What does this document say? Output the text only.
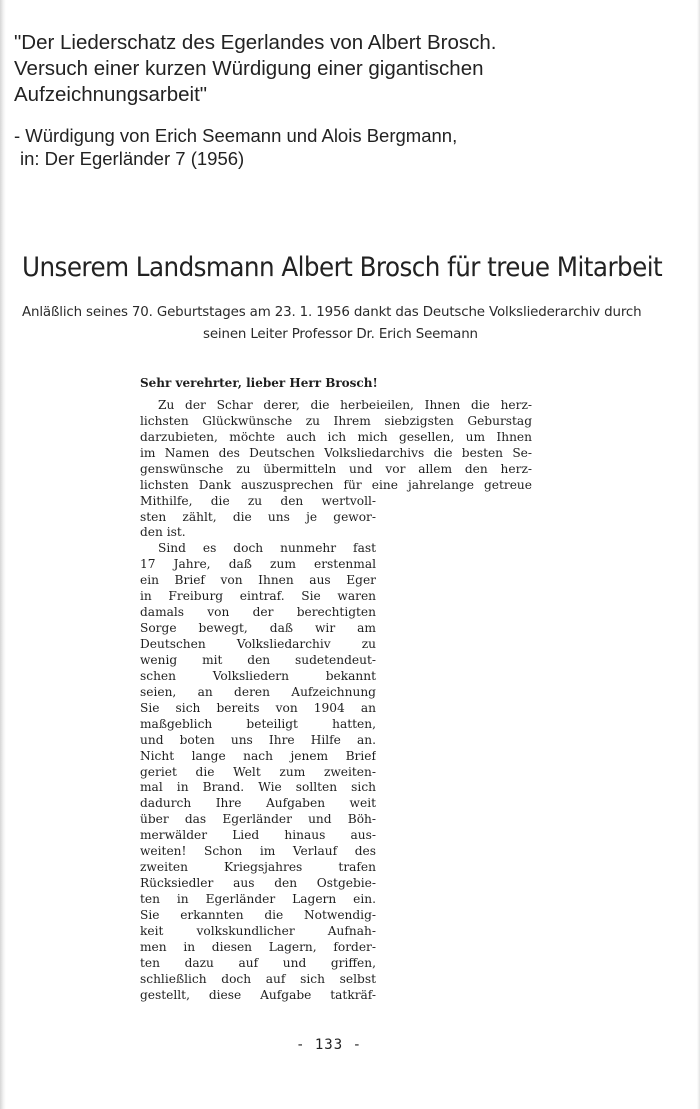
"Der Liederschatz des Egerlandes von Albert Brosch.
Versuch einer kurzen Würdigung einer gigantischen
Aufzeichnungsarbeit"
- Würdigung von Erich Seemann und Alois Bergmann,
in: Der Egerländer 7 (1956)
Unserem Landsmann Albert Brosch für treue Mitarbeit
Anläßlich seines 70. Geburtstages am 23. 1. 1956 dankt das Deutsche Volksliederarchiv durch
seinen Leiter Professor Dr. Erich Seemann
Sehr verehrter, lieber Herr Brosch!
Zu der Schar derer, die herbeieilen, Ihnen die herz-
lichsten Glückwünsche zu Ihrem siebzigsten Geburstag
darzubieten, möchte auch ich mich gesellen, um Ihnen
im Namen des Deutschen Volksliedarchivs die besten Se-
genswünsche zu übermitteln und vor allem den herz-
lichsten Dank auszusprechen für eine jahrelange getreue
Mithilfe, die zu den wertvoll-
sten zählt, die uns je gewor-
den ist.
Sind es doch nunmehr fast
17 Jahre, daß zum erstenmal
ein Brief von Ihnen aus Eger
in Freiburg eintraf. Sie waren
damals von der berechtigten
Sorge bewegt, daß wir am
Deutschen Volksliedarchiv zu
wenig mit den sudetendeut-
schen Volksliedern bekannt
seien, an deren Aufzeichnung
Sie sich bereits von 1904 an
maßgeblich beteiligt hatten,
und boten uns Ihre Hilfe an.
Nicht lange nach jenem Brief
geriet die Welt zum zweiten-
mal in Brand. Wie sollten sich
dadurch Ihre Aufgaben weit
über das Egerländer und Böh-
merwälder Lied hinaus aus-
weiten! Schon im Verlauf des
zweiten Kriegsjahres trafen
Rücksiedler aus den Ostgebie-
ten in Egerländer Lagern ein.
Sie erkannten die Notwendig-
keit volkskundlicher Aufnah-
men in diesen Lagern, forder-
ten dazu auf und griffen,
schließlich doch auf sich selbst
gestellt, diese Aufgabe tatkräf-
- 133 -
